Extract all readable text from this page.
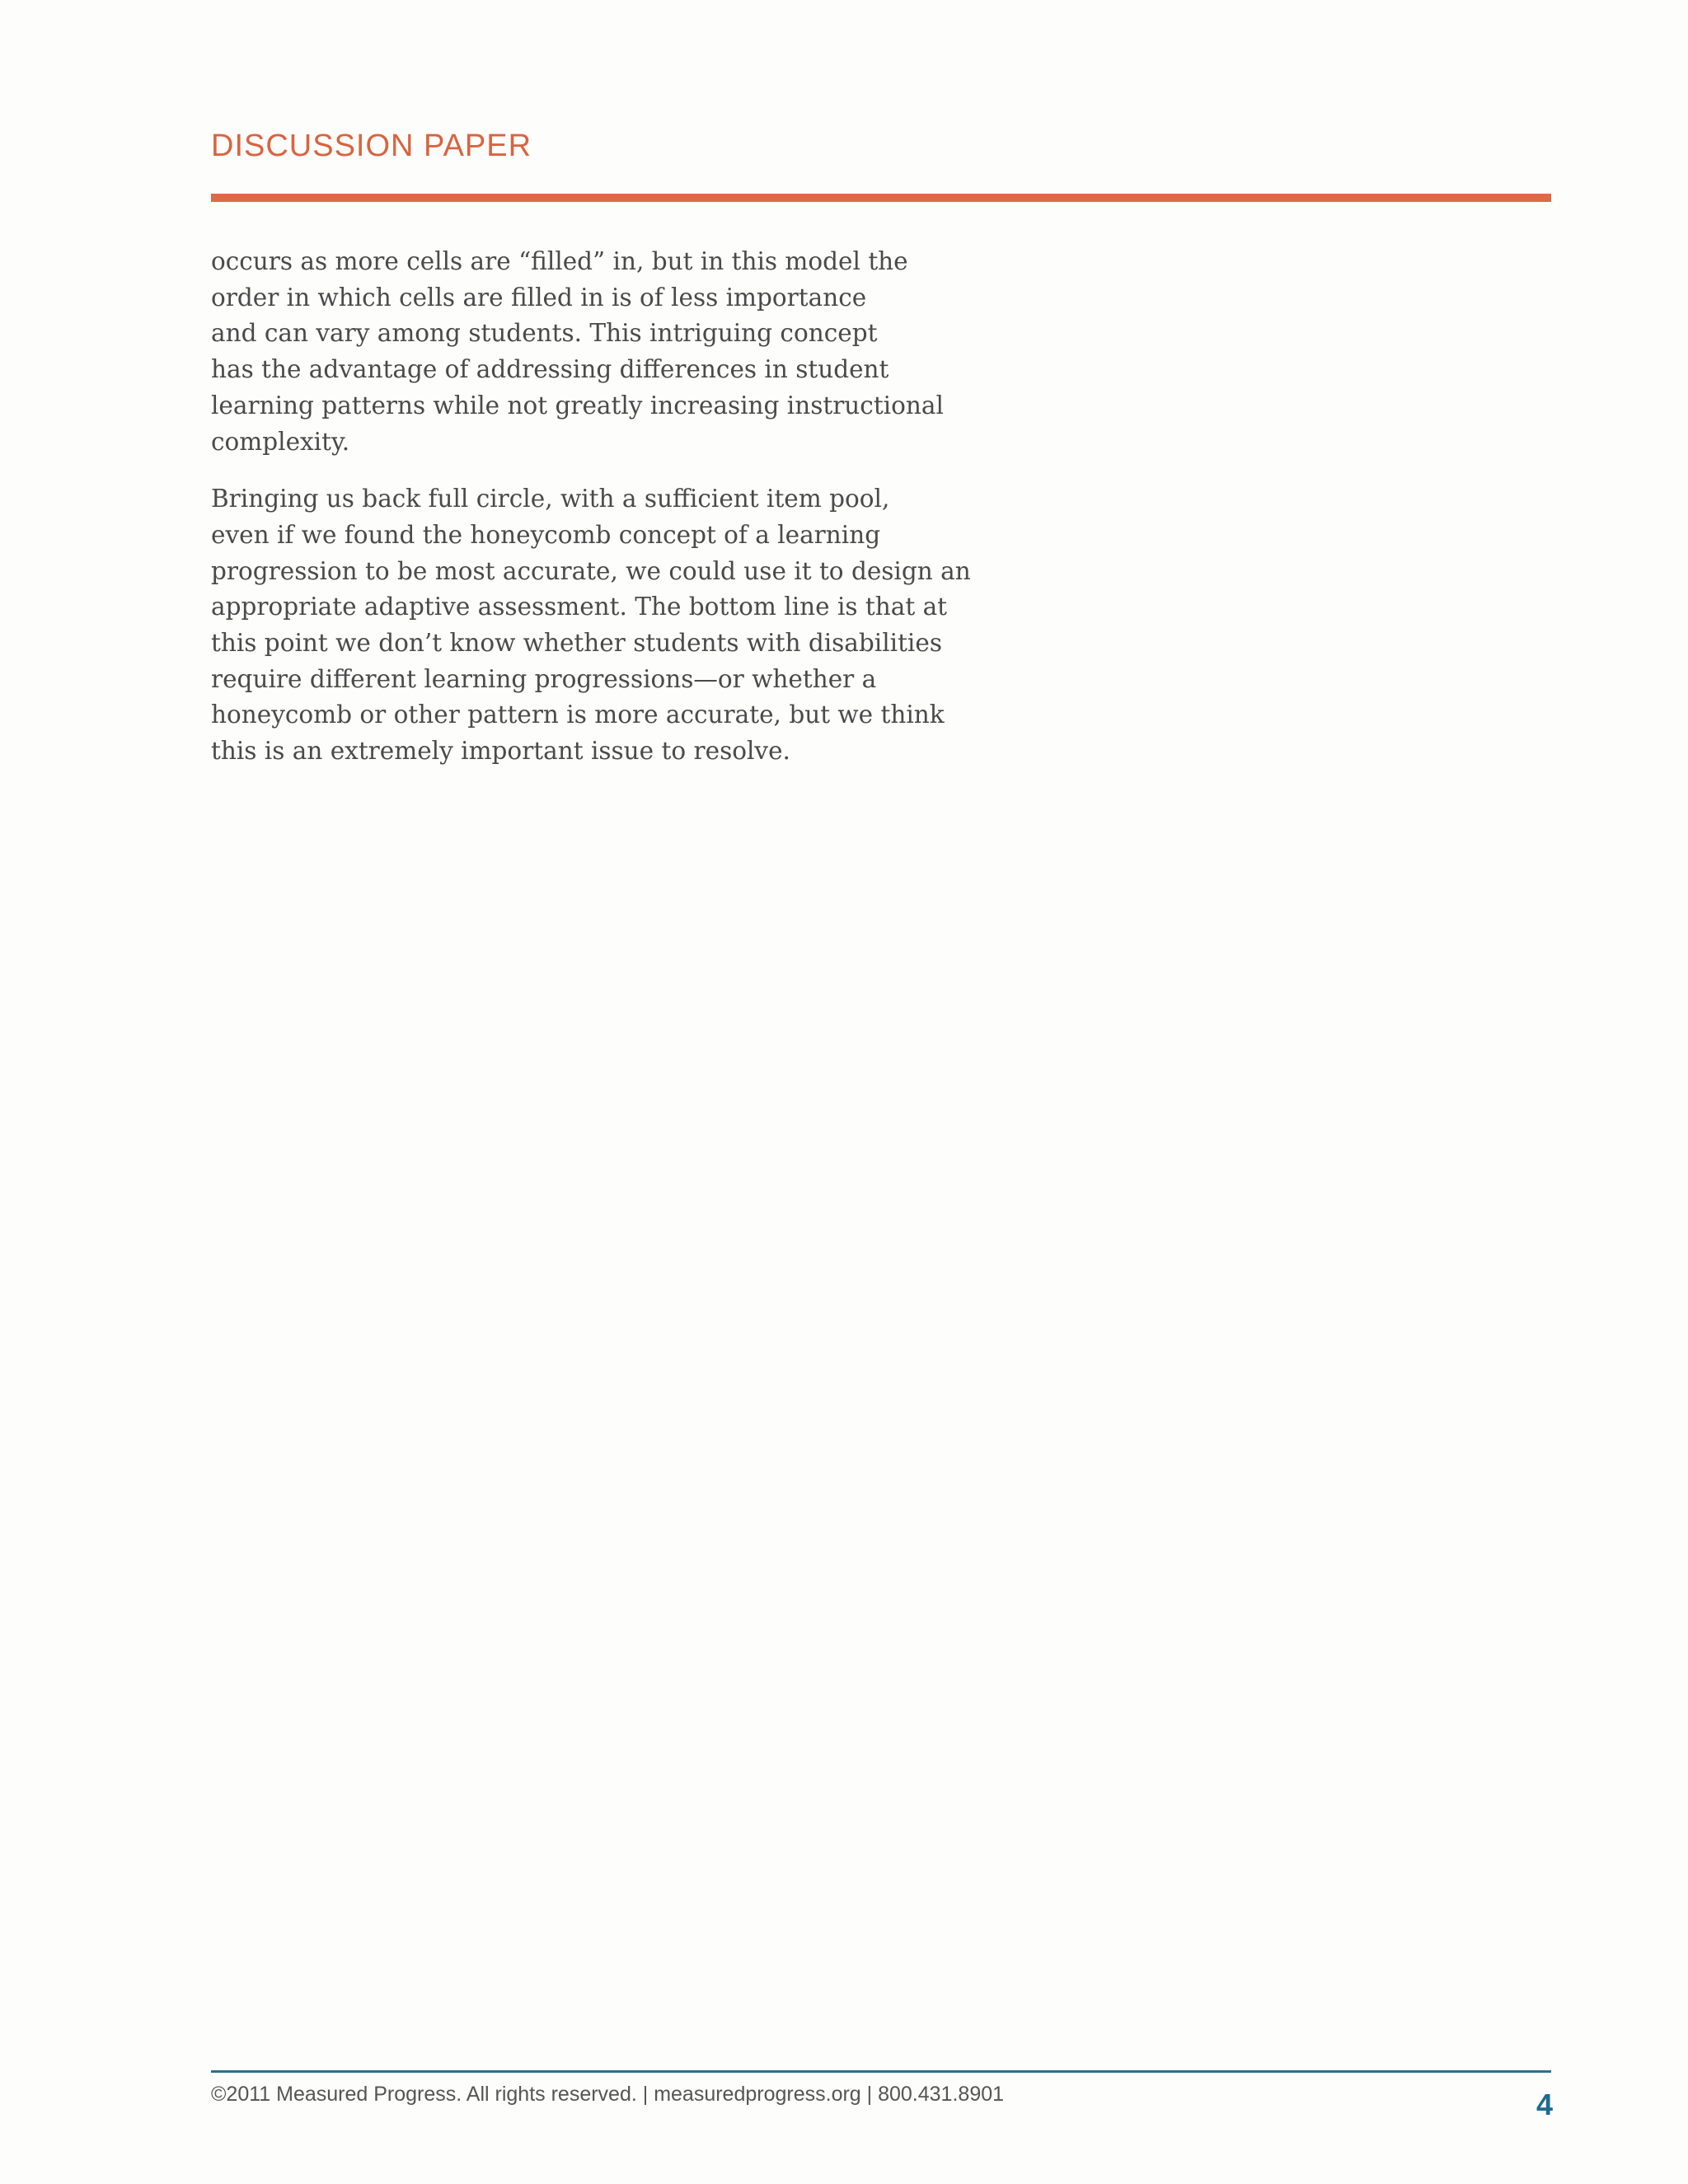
DISCUSSION PAPER

occurs as more cells are “filled” in, but in this model the
order in which cells are filled in is of less importance
and can vary among students. This intriguing concept
has the advantage of addressing differences in student
learning patterns while not greatly increasing instructional
complexity.

Bringing us back full circle, with a sufficient item pool,
even if we found the honeycomb concept of a learning
progression to be most accurate, we could use it to design an
appropriate adaptive assessment. The bottom line is that at
this point we don’t know whether students with disabilities
require different learning progressions—or whether a
honeycomb or other pattern is more accurate, but we think
this is an extremely important issue to resolve.

©2011 Measured Progress. All rights reserved. | measuredprogress.org | 800.431.8901	4
